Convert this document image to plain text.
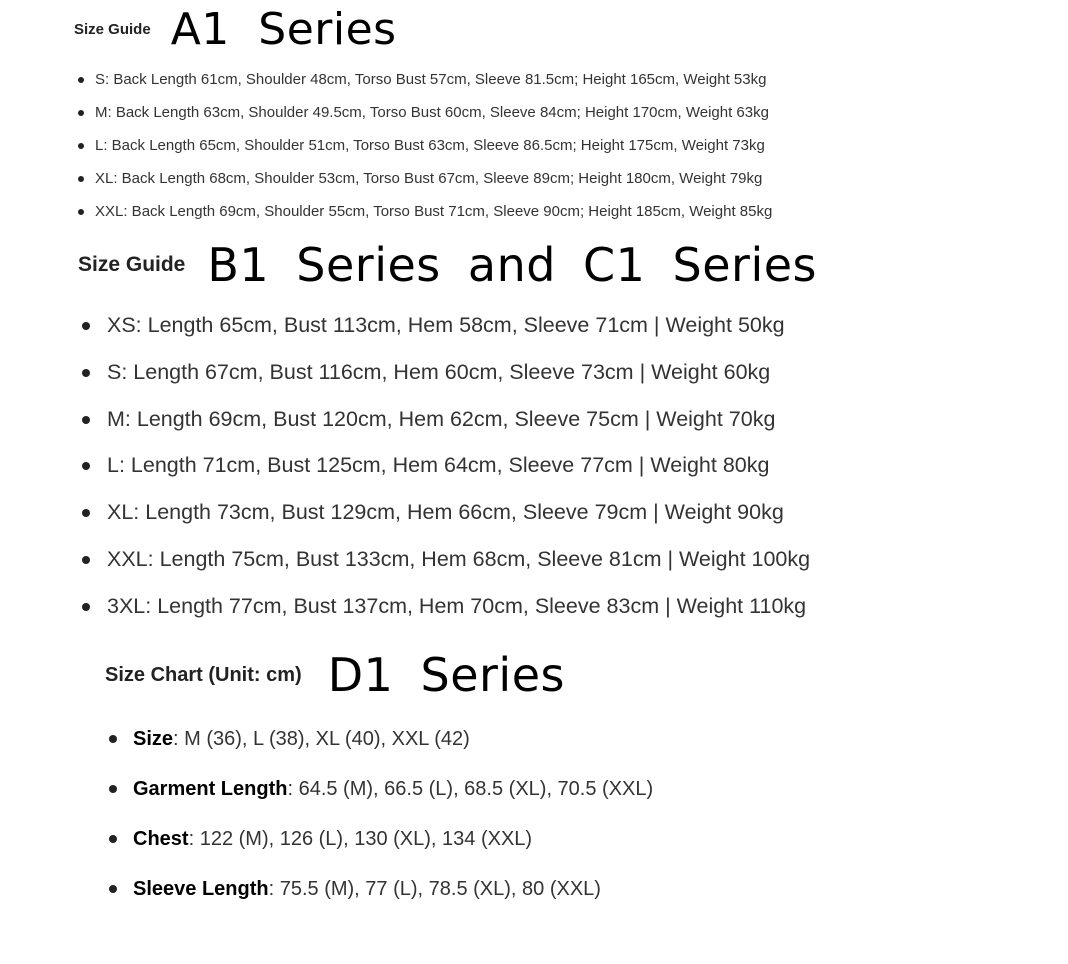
Size Guide A1 Series
S: Back Length 61cm, Shoulder 48cm, Torso Bust 57cm, Sleeve 81.5cm; Height 165cm, Weight 53kg
M: Back Length 63cm, Shoulder 49.5cm, Torso Bust 60cm, Sleeve 84cm; Height 170cm, Weight 63kg
L: Back Length 65cm, Shoulder 51cm, Torso Bust 63cm, Sleeve 86.5cm; Height 175cm, Weight 73kg
XL: Back Length 68cm, Shoulder 53cm, Torso Bust 67cm, Sleeve 89cm; Height 180cm, Weight 79kg
XXL: Back Length 69cm, Shoulder 55cm, Torso Bust 71cm, Sleeve 90cm; Height 185cm, Weight 85kg
Size Guide B1 Series and C1 Series
XS: Length 65cm, Bust 113cm, Hem 58cm, Sleeve 71cm | Weight 50kg
S: Length 67cm, Bust 116cm, Hem 60cm, Sleeve 73cm | Weight 60kg
M: Length 69cm, Bust 120cm, Hem 62cm, Sleeve 75cm | Weight 70kg
L: Length 71cm, Bust 125cm, Hem 64cm, Sleeve 77cm | Weight 80kg
XL: Length 73cm, Bust 129cm, Hem 66cm, Sleeve 79cm | Weight 90kg
XXL: Length 75cm, Bust 133cm, Hem 68cm, Sleeve 81cm | Weight 100kg
3XL: Length 77cm, Bust 137cm, Hem 70cm, Sleeve 83cm | Weight 110kg
Size Chart (Unit: cm) D1 Series
Size: M (36), L (38), XL (40), XXL (42)
Garment Length: 64.5 (M), 66.5 (L), 68.5 (XL), 70.5 (XXL)
Chest: 122 (M), 126 (L), 130 (XL), 134 (XXL)
Sleeve Length: 75.5 (M), 77 (L), 78.5 (XL), 80 (XXL)
